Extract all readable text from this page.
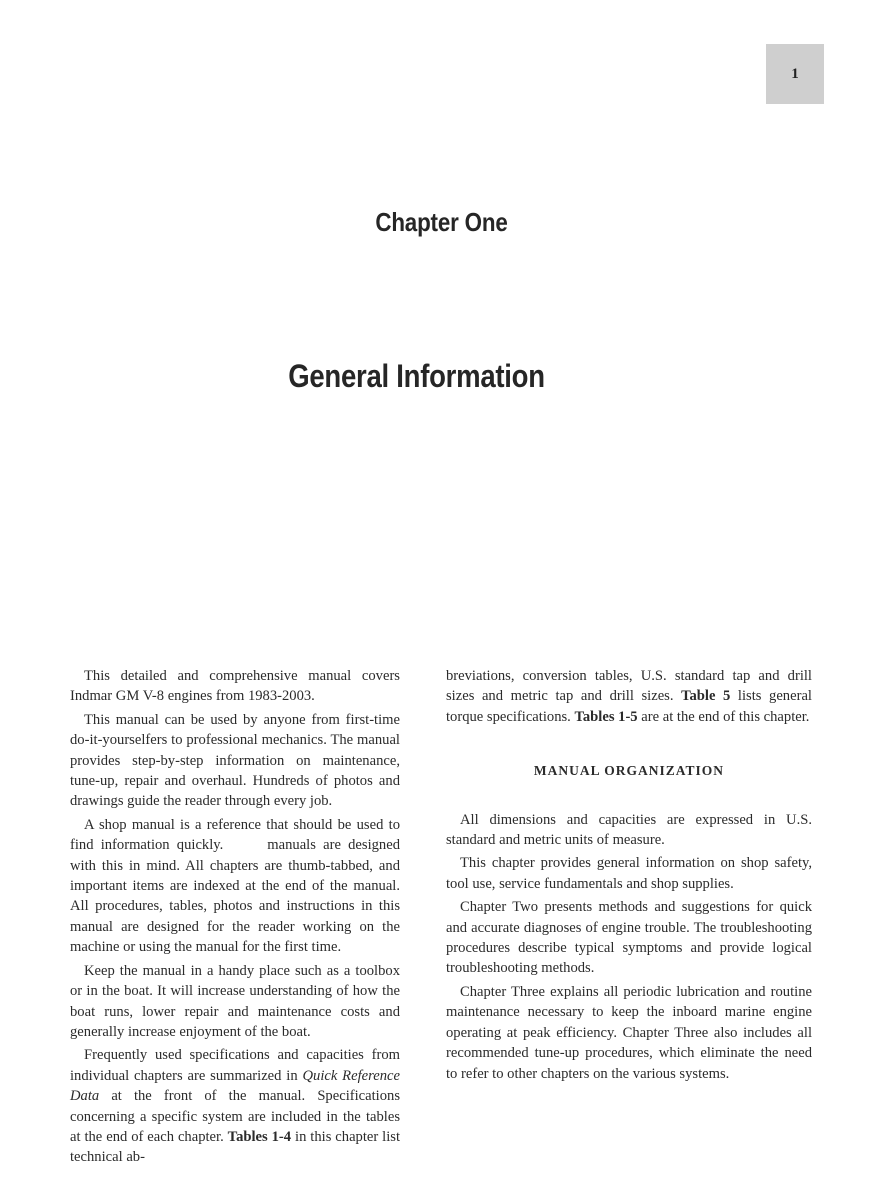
1
Chapter One
General Information

This detailed and comprehensive manual covers Indmar GM V-8 engines from 1983-2003.

This manual can be used by anyone from first-time do-it-yourselfers to professional mechanics. The manual provides step-by-step information on maintenance, tune-up, repair and overhaul. Hundreds of photos and drawings guide the reader through every job.

A shop manual is a reference that should be used to find information quickly.	manuals are designed with this in mind. All chapters are thumb-tabbed, and important items are indexed at the end of the manual. All procedures, tables, photos and instructions in this manual are designed for the reader working on the machine or using the manual for the first time.

Keep the manual in a handy place such as a toolbox or in the boat. It will increase understanding of how the boat runs, lower repair and maintenance costs and generally increase enjoyment of the boat.

Frequently used specifications and capacities from individual chapters are summarized in Quick Reference Data at the front of the manual. Specifications concerning a specific system are included in the tables at the end of each chapter. Tables 1-4 in this chapter list technical ab-

breviations, conversion tables, U.S. standard tap and drill sizes and metric tap and drill sizes. Table 5 lists general torque specifications. Tables 1-5 are at the end of this chapter.

MANUAL ORGANIZATION

All dimensions and capacities are expressed in U.S. standard and metric units of measure.

This chapter provides general information on shop safety, tool use, service fundamentals and shop supplies.

Chapter Two presents methods and suggestions for quick and accurate diagnoses of engine trouble. The troubleshooting procedures describe typical symptoms and provide logical troubleshooting methods.

Chapter Three explains all periodic lubrication and routine maintenance necessary to keep the inboard marine engine operating at peak efficiency. Chapter Three also includes all recommended tune-up procedures, which eliminate the need to refer to other chapters on the various systems.
